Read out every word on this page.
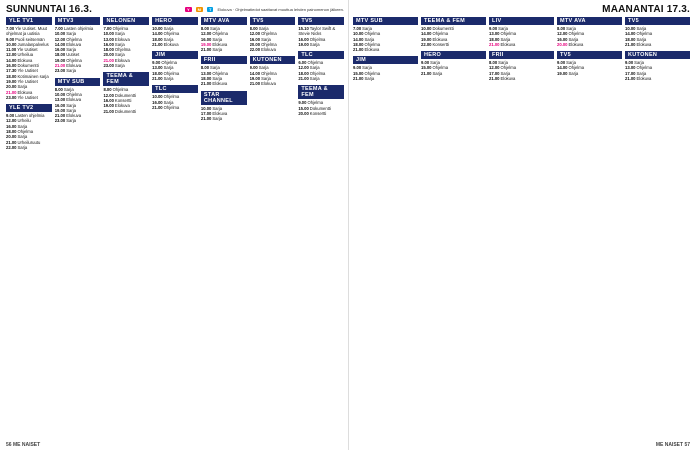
SUNNUNTAI 16.3.	Y	M	T	Elokuva · Ohjelmatiedot saattavat muuttua lehden painomenon jälkeen.
YLE TV1
7.00Yle Uutiset. Muut ohjelmat ja uutisia
9.00Puoli seitsemän
10.00Jumalanpalvelus
11.00Yle Uutiset
12.00Urheilua
14.00Elokuva
16.00Dokumentti
17.30Yle Uutiset
18.00Kotimainen sarja
19.00Yle Uutiset
20.00Sarja
21.00Elokuva
23.00Yle Uutiset
YLE TV2
9.00Lasten ohjelmia
12.00Urheilu
16.00Sarja
18.00Ohjelma
20.00Sarja
21.00Urheiluruutu
22.00Sarja
MTV3
7.00Lasten ohjelmia
10.00Sarja
12.00Ohjelma
14.00Elokuva
16.00Sarja
18.00Uutiset
19.00Ohjelma
21.00Elokuva
23.00Sarja
MTV SUB
8.00Sarja
10.00Ohjelma
13.00Elokuva
16.00Sarja
19.00Sarja
21.00Elokuva
23.00Sarja
NELONEN
7.00Ohjelma
10.00Sarja
13.00Elokuva
16.00Sarja
18.00Ohjelma
20.00Sarja
21.00Elokuva
23.00Sarja
TEEMA & FEM
8.00Ohjelma
12.00Dokumentti
16.00Konsertti
19.00Elokuva
21.00Dokumentti
HERO
10.00Sarja
14.00Ohjelma
18.00Sarja
21.00Elokuva
JIM
9.00Ohjelma
13.00Sarja
18.00Ohjelma
21.00Sarja
TLC
10.00Ohjelma
16.00Sarja
21.00Ohjelma
MTV AVA
8.00Sarja
12.00Ohjelma
16.00Sarja
19.00Elokuva
21.00Sarja
FRII
8.00Sarja
13.00Ohjelma
18.00Sarja
21.00Elokuva
STAR CHANNEL
10.00Sarja
17.00Elokuva
21.00Sarja
TV5
8.00Sarja
12.00Ohjelma
16.00Sarja
20.00Ohjelma
22.00Elokuva
KUTONEN
9.00Sarja
14.00Ohjelma
19.00Sarja
21.00Elokuva
TV5
15.10Taylor Swift & Stevie Nicks
16.00Ohjelma
19.00Sarja
TLC
6.00Ohjelma
12.00Sarja
18.00Ohjelma
21.00Sarja
TEEMA & FEM
9.00Ohjelma
15.00Dokumentti
20.00Konsertti
56 ME NAISET
MAANANTAI 17.3.
MTV SUB
7.00Sarja
10.00Ohjelma
14.00Sarja
18.00Ohjelma
21.00Elokuva
JIM
9.00Sarja
15.00Ohjelma
21.00Sarja
TEEMA & FEM
10.00Dokumentti
14.00Ohjelma
19.00Elokuva
22.00Konsertti
HERO
9.00Sarja
15.00Ohjelma
21.00Sarja
LIV
9.00Sarja
13.00Ohjelma
18.00Sarja
21.00Elokuva
FRII
8.00Sarja
12.00Ohjelma
17.00Sarja
21.00Elokuva
MTV AVA
8.00Sarja
12.00Ohjelma
16.00Sarja
20.00Elokuva
TV5
9.00Sarja
14.00Ohjelma
19.00Sarja
TV5
10.00Sarja
14.00Ohjelma
18.00Sarja
21.00Elokuva
KUTONEN
9.00Sarja
13.00Ohjelma
17.00Sarja
21.00Elokuva
ME NAISET 57
